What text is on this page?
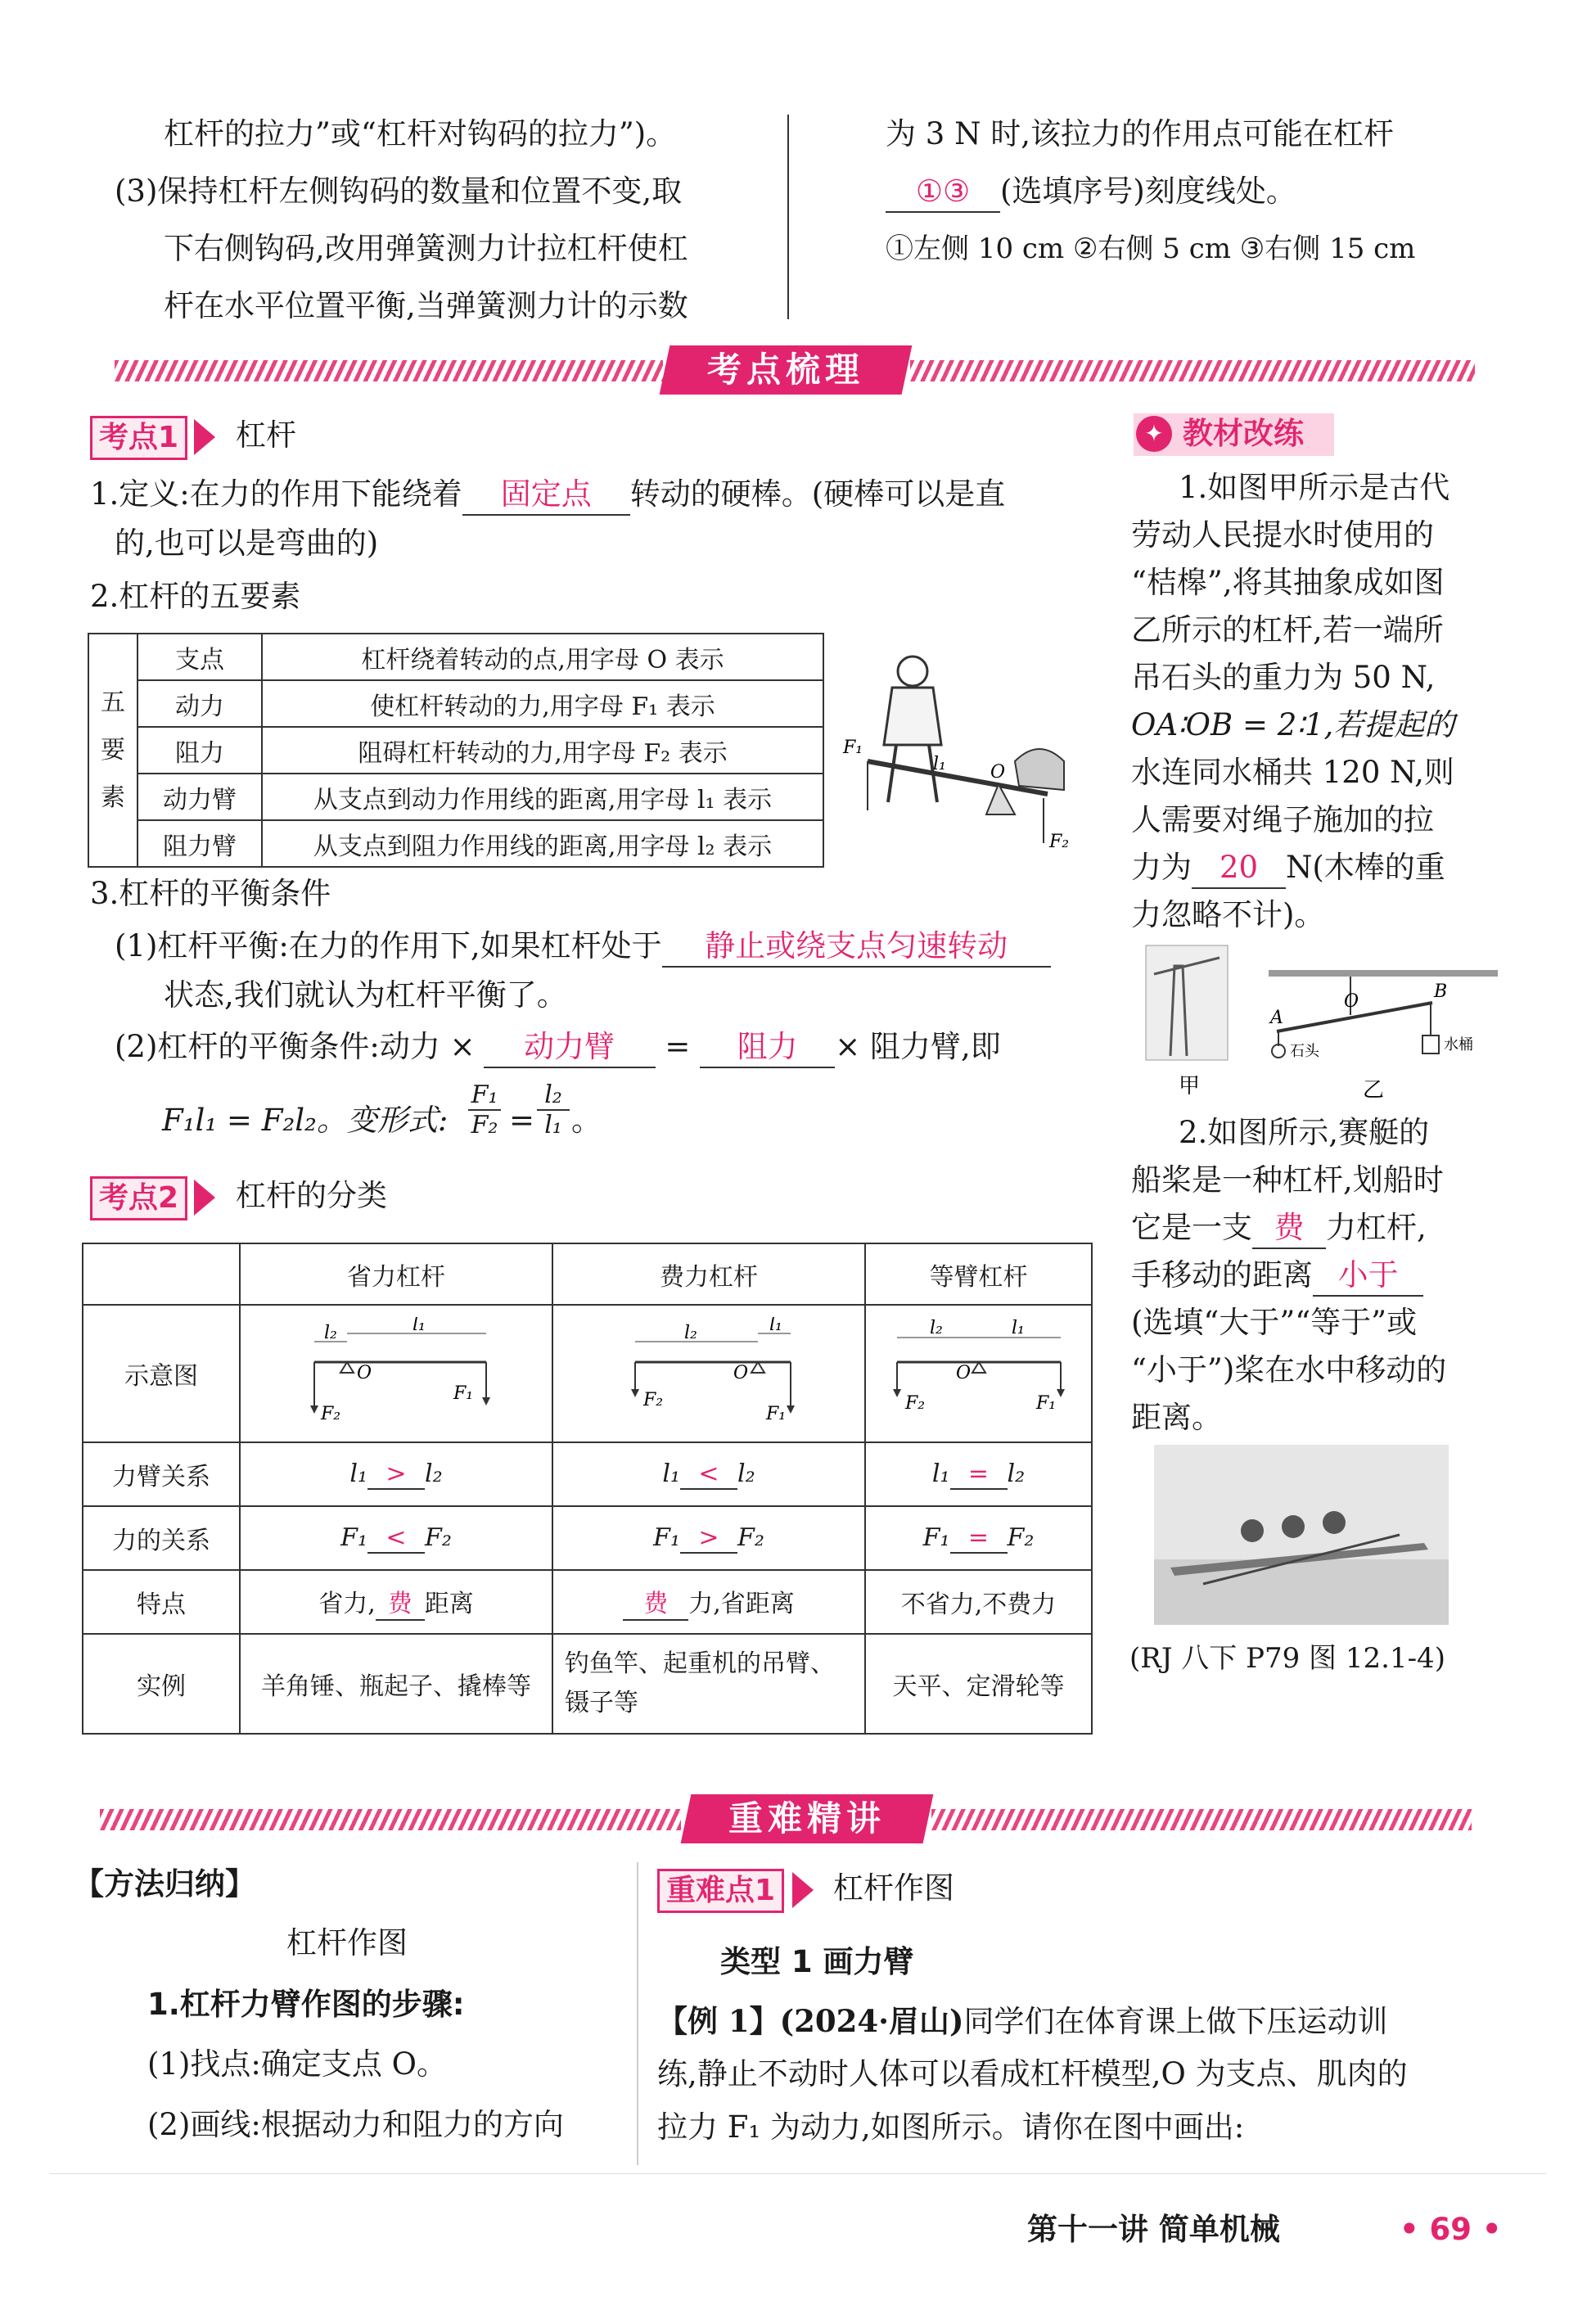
杠杆的拉力”或“杠杆对钩码的拉力”)。
(3)保持杠杆左侧钩码的数量和位置不变,取
下右侧钩码,改用弹簧测力计拉杠杆使杠
杆在水平位置平衡,当弹簧测力计的示数
为 3 N 时,该拉力的作用点可能在杠杆
①③ (选填序号)刻度线处。
①左侧 10 cm ②右侧 5 cm ③右侧 15 cm
考点梳理
考点1 杠杆
1.定义:在力的作用下能绕着 固定点 转动的硬棒。(硬棒可以是直
的,也可以是弯曲的)
2.杠杆的五要素
五
要
素	支点	杠杆绕着转动的点,用字母 O 表示
	动力	使杠杆转动的力,用字母 F₁ 表示
	阻力	阻碍杠杆转动的力,用字母 F₂ 表示
	动力臂	从支点到动力作用线的距离,用字母 l₁ 表示
	阻力臂	从支点到阻力作用线的距离,用字母 l₂ 表示
F₁
O
l₁
F₂
3.杠杆的平衡条件
(1)杠杆平衡:在力的作用下,如果杠杆处于 静止或绕支点匀速转动
状态,我们就认为杠杆平衡了。
(2)杠杆的平衡条件:动力 × 动力臂 = 阻力 × 阻力臂,即
F₁l₁ = F₂l₂。变形式:
F₁
F₂ =
l₂
l₁ 。
考点2 杠杆的分类
	省力杠杆	费力杠杆	等臂杠杆
示意图	l₂ l₁
O
F₁
F₂	l₂ l₁
O
F₂
F₁	l₂ l₁
O
F₂ F₁

力臂关系	l₁ > l₂	l₁ < l₂	l₁ = l₂
力的关系	F₁ < F₂	F₁ > F₂	F₁ = F₂
特点	省力, 费 距离	费 力,省距离	不省力,不费力
实例	羊角锤、瓶起子、撬棒等	钓鱼竿、起重机的吊臂、镊子等	天平、定滑轮等
✦ 教材改练
1.如图甲所示是古代
劳动人民提水时使用的
“桔槔”,将其抽象成如图
乙所示的杠杆,若一端所
吊石头的重力为 50 N,
OA∶OB = 2∶1,若提起的
水连同水桶共 120 N,则
人需要对绳子施加的拉
力为 20 N(木棒的重
力忽略不计)。
甲	乙
A
O	B
石头	水桶
2.如图所示,赛艇的
船桨是一种杠杆,划船时
它是一支 费 力杠杆,
手移动的距离 小于
(选填“大于”“等于”或
“小于”)桨在水中移动的
距离。
(RJ 八下 P79 图 12.1-4)
重难精讲
【方法归纳】
杠杆作图
1.杠杆力臂作图的步骤:
(1)找点:确定支点 O。
(2)画线:根据动力和阻力的方向
重难点1 杠杆作图
类型 1 画力臂
【例 1】(2024·眉山)同学们在体育课上做下压运动训
练,静止不动时人体可以看成杠杆模型,O 为支点、肌肉的
拉力 F₁ 为动力,如图所示。请你在图中画出:
第十一讲 简单机械	• 69 •
